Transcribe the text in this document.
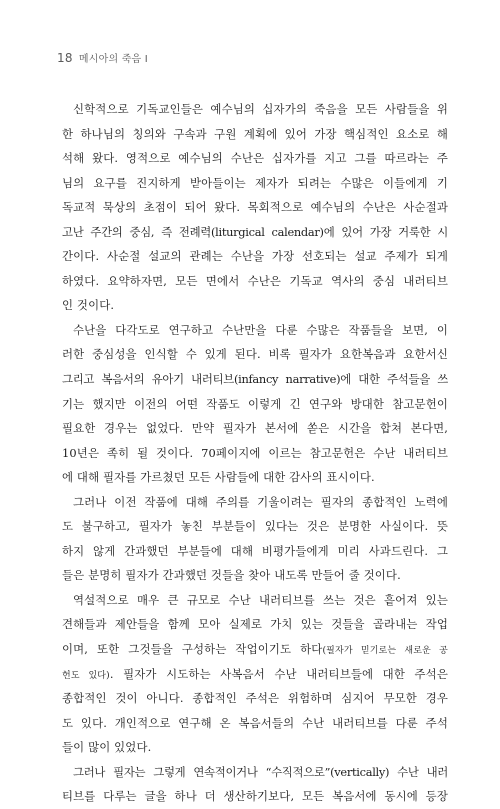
18 메시아의 죽음 I
신학적으로 기독교인들은 예수님의 십자가의 죽음을 모든 사람들을 위
한 하나님의 칭의와 구속과 구원 계획에 있어 가장 핵심적인 요소로 해
석해 왔다. 영적으로 예수님의 수난은 십자가를 지고 그를 따르라는 주
님의 요구를 진지하게 받아들이는 제자가 되려는 수많은 이들에게 기
독교적 묵상의 초점이 되어 왔다. 목회적으로 예수님의 수난은 사순절과
고난 주간의 중심, 즉 전례력(liturgical calendar)에 있어 가장 거룩한 시
간이다. 사순절 설교의 관례는 수난을 가장 선호되는 설교 주제가 되게
하였다. 요약하자면, 모든 면에서 수난은 기독교 역사의 중심 내러티브
인 것이다.
수난을 다각도로 연구하고 수난만을 다룬 수많은 작품들을 보면, 이
러한 중심성을 인식할 수 있게 된다. 비록 필자가 요한복음과 요한서신
그리고 복음서의 유아기 내러티브(infancy narrative)에 대한 주석들을 쓰
기는 했지만 이전의 어떤 작품도 이렇게 긴 연구와 방대한 참고문헌이
필요한 경우는 없었다. 만약 필자가 본서에 쏟은 시간을 합쳐 본다면,
10년은 족히 될 것이다. 70페이지에 이르는 참고문헌은 수난 내러티브
에 대해 필자를 가르쳤던 모든 사람들에 대한 감사의 표시이다.
그러나 이전 작품에 대해 주의를 기울이려는 필자의 종합적인 노력에
도 불구하고, 필자가 놓친 부분들이 있다는 것은 분명한 사실이다. 뜻
하지 않게 간과했던 부분들에 대해 비평가들에게 미리 사과드린다. 그
들은 분명히 필자가 간과했던 것들을 찾아 내도록 만들어 줄 것이다.
역설적으로 매우 큰 규모로 수난 내러티브를 쓰는 것은 흩어져 있는
견해들과 제안들을 함께 모아 실제로 가치 있는 것들을 골라내는 작업
이며, 또한 그것들을 구성하는 작업이기도 하다(필자가 믿기로는 새로운 공
헌도 있다). 필자가 시도하는 사복음서 수난 내러티브들에 대한 주석은
종합적인 것이 아니다. 종합적인 주석은 위험하며 심지어 무모한 경우
도 있다. 개인적으로 연구해 온 복음서들의 수난 내러티브를 다룬 주석
들이 많이 있었다.
그러나 필자는 그렇게 연속적이거나 “수직적으로”(vertically) 수난 내러
티브를 다루는 글을 하나 더 생산하기보다, 모든 복음서에 동시에 등장
